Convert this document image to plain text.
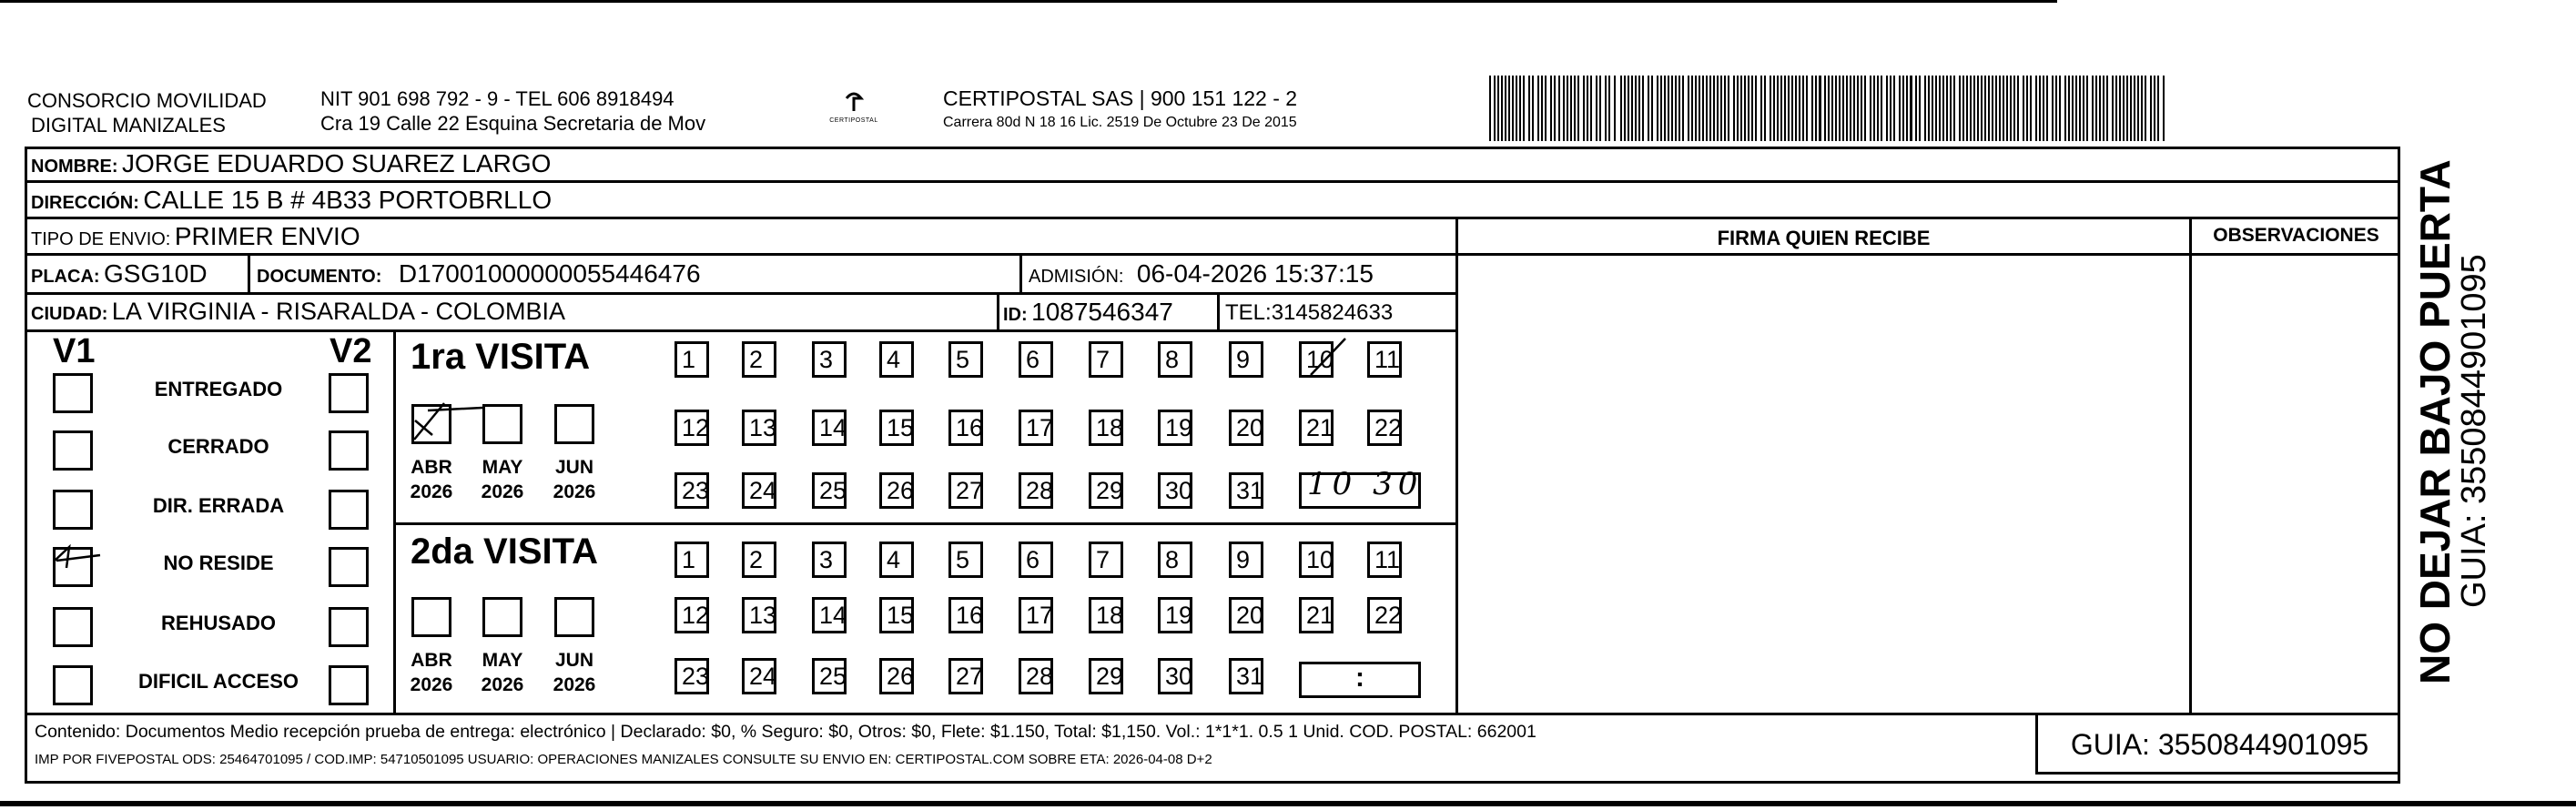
CONSORCIO MOVILIDAD
DIGITAL MANIZALES
NIT 901 698 792 - 9 - TEL 606 8918494
Cra 19 Calle 22 Esquina Secretaria de Mov	CERTIPOSTAL
CERTIPOSTAL SAS | 900 151 122 - 2
Carrera 80d N 18 16 Lic. 2519 De Octubre 23 De 2015
NOMBRE: JORGE EDUARDO SUAREZ LARGO
DIRECCIÓN: CALLE 15 B # 4B33 PORTOBRLLO
TIPO DE ENVIO: PRIMER ENVIO
PLACA: GSG10D	DOCUMENTO: D17001000000055446476	ADMISIÓN: 06-04-2026 15:37:15
CIUDAD: LA VIRGINIA - RISARALDA - COLOMBIA	ID: 1087546347 TEL:3145824633
FIRMA QUIEN RECIBE	OBSERVACIONES
V1	V2
ENTREGADO
CERRADO
DIR. ERRADA
NO RESIDE
REHUSADO
DIFICIL ACCESO
1ra VISITA
2da VISITA
ABR
2026
MAY
2026
JUN
2026
ABR
2026
MAY
2026
JUN
2026
1	2	3	4	5	6	7	8	9	10 11
12 13 14 15 16 17 18 19 20 21 22
23 24 25 26 27 28 29 30 31
1	2	3	4	5	6	7	8	9	10 11
12 13 14 15 16 17 18 19 20 21 22
23 24 25 26 27 28 29 30 31
10 30
:
Contenido: Documentos Medio recepción prueba de entrega: electrónico | Declarado: $0, % Seguro: $0, Otros: $0, Flete: $1.150, Total: $1,150. Vol.: 1*1*1. 0.5 1 Unid. COD. POSTAL: 662001
IMP POR FIVEPOSTAL ODS: 25464701095 / COD.IMP: 54710501095 USUARIO: OPERACIONES MANIZALES CONSULTE SU ENVIO EN: CERTIPOSTAL.COM SOBRE ETA: 2026-04-08 D+2	GUIA: 3550844901095
NO DEJAR BAJO PUERTA
GUIA: 3550844901095
